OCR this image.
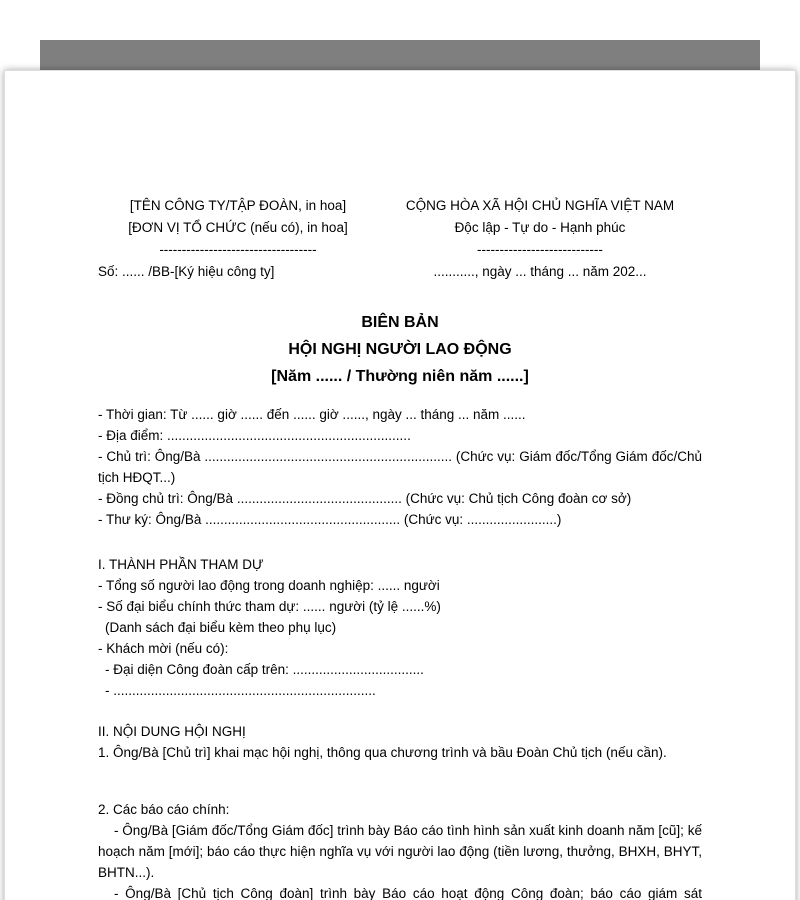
[TÊN CÔNG TY/TẬP ĐOÀN, in hoa]
[ĐƠN VỊ TỔ CHỨC (nếu có), in hoa]
-----------------------------------
Số: ...... /BB-[Ký hiệu công ty]
CỘNG HÒA XÃ HỘI CHỦ NGHĨA VIỆT NAM
Độc lập - Tự do - Hạnh phúc
----------------------------
..........., ngày ... tháng ... năm 202...
BIÊN BẢN
HỘI NGHỊ NGƯỜI LAO ĐỘNG
[Năm ...... / Thường niên năm ......]
- Thời gian: Từ ...... giờ ...... đến ...... giờ ......, ngày ... tháng ... năm ......
- Địa điểm: .................................................................
- Chủ trì: Ông/Bà .................................................................. (Chức vụ: Giám đốc/Tổng Giám đốc/Chủ tịch HĐQT...)
- Đồng chủ trì: Ông/Bà ............................................ (Chức vụ: Chủ tịch Công đoàn cơ sở)
- Thư ký: Ông/Bà .................................................... (Chức vụ: ........................)
I. THÀNH PHẦN THAM DỰ
- Tổng số người lao động trong doanh nghiệp: ...... người
- Số đại biểu chính thức tham dự: ...... người (tỷ lệ ......%)
(Danh sách đại biểu kèm theo phụ lục)
- Khách mời (nếu có):
- Đại diện Công đoàn cấp trên: ...................................
- ......................................................................
II. NỘI DUNG HỘI NGHỊ
1. Ông/Bà [Chủ trì] khai mạc hội nghị, thông qua chương trình và bầu Đoàn Chủ tịch (nếu cần).
2. Các báo cáo chính:
- Ông/Bà [Giám đốc/Tổng Giám đốc] trình bày Báo cáo tình hình sản xuất kinh doanh năm [cũ]; kế hoạch năm [mới]; báo cáo thực hiện nghĩa vụ với người lao động (tiền lương, thưởng, BHXH, BHYT, BHTN...).
- Ông/Bà [Chủ tịch Công đoàn] trình bày Báo cáo hoạt động Công đoàn; báo cáo giám sát
